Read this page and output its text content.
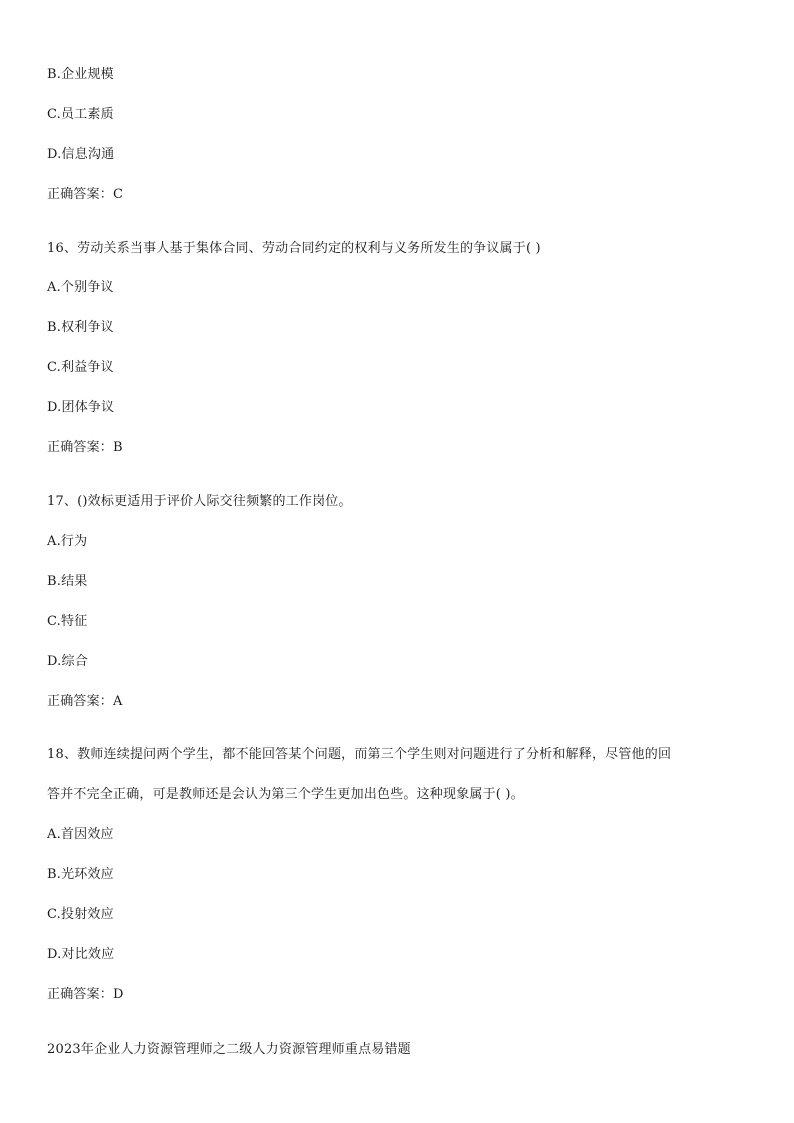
B.企业规模
C.员工素质
D.信息沟通
正确答案：C
16、劳动关系当事人基于集体合同、劳动合同约定的权利与义务所发生的争议属于( )
A.个别争议
B.权利争议
C.利益争议
D.团体争议
正确答案：B
17、()效标更适用于评价人际交往频繁的工作岗位。
A.行为
B.结果
C.特征
D.综合
正确答案：A
18、教师连续提问两个学生，都不能回答某个问题，而第三个学生则对问题进行了分析和解释，尽管他的回
答并不完全正确，可是教师还是会认为第三个学生更加出色些。这种现象属于( )。
A.首因效应
B.光环效应
C.投射效应
D.对比效应
正确答案：D
2023年企业人力资源管理师之二级人力资源管理师重点易错题
